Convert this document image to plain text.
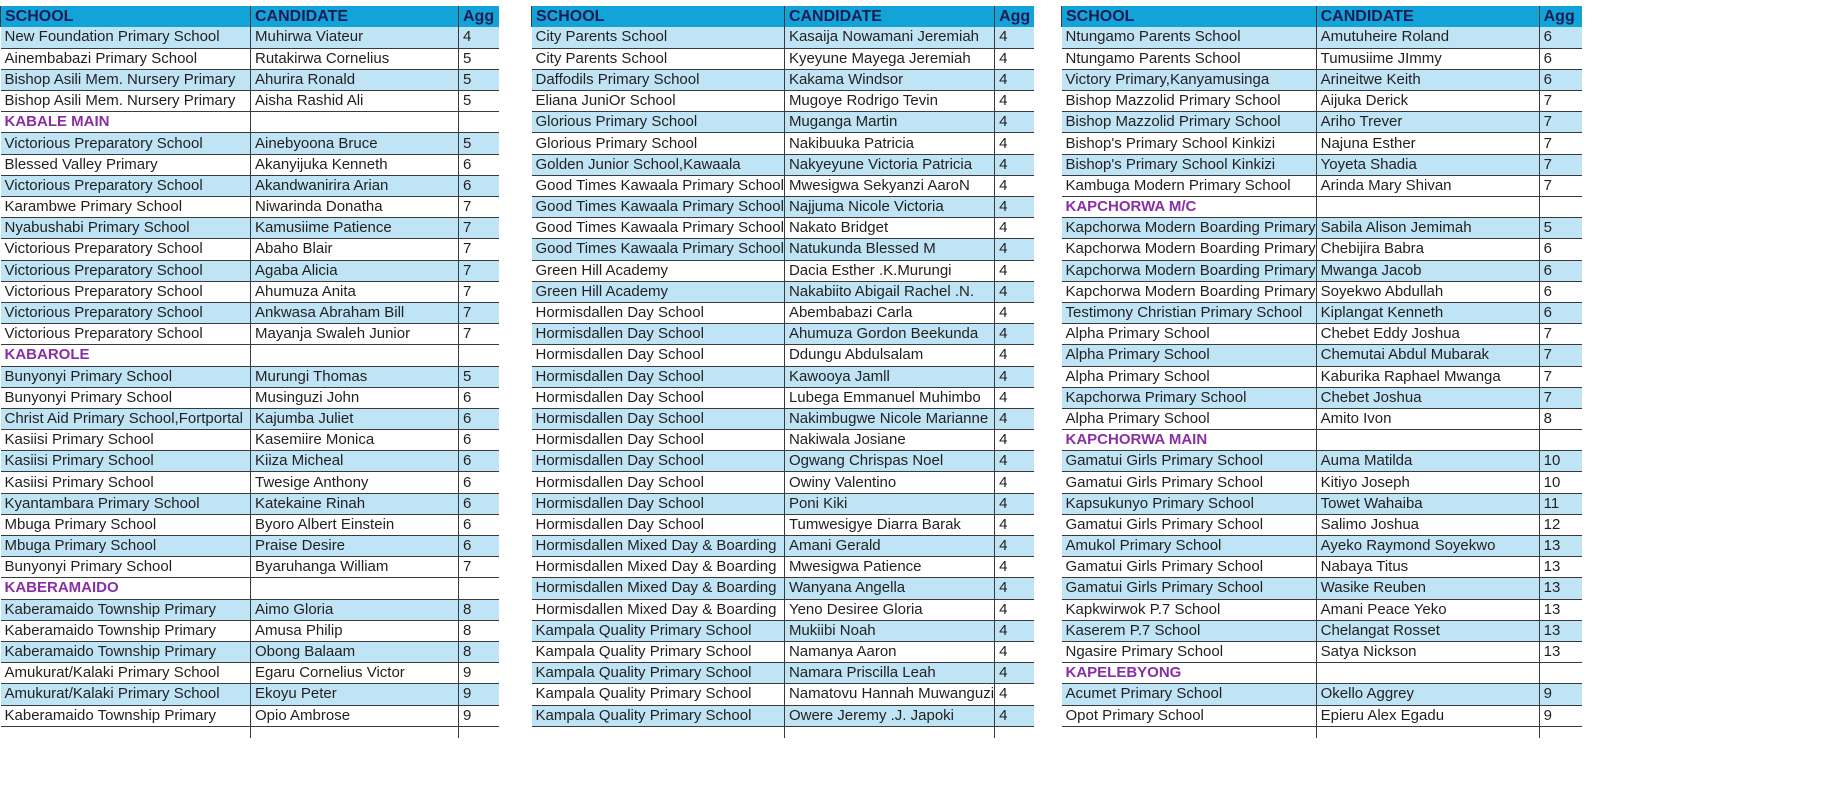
SCHOOL	CANDIDATE	Agg
New Foundation Primary School	Muhirwa Viateur	4
Ainembabazi Primary School	Rutakirwa Cornelius	5
Bishop Asili Mem. Nursery Primary	Ahurira Ronald	5
Bishop Asili Mem. Nursery Primary	Aisha Rashid Ali	5
KABALE MAIN		
Victorious Preparatory School	Ainebyoona Bruce	5
Blessed Valley Primary	Akanyijuka Kenneth	6
Victorious Preparatory School	Akandwanirira Arian	6
Karambwe Primary School	Niwarinda Donatha	7
Nyabushabi Primary School	Kamusiime Patience	7
Victorious Preparatory School	Abaho Blair	7
Victorious Preparatory School	Agaba Alicia	7
Victorious Preparatory School	Ahumuza Anita	7
Victorious Preparatory School	Ankwasa Abraham Bill	7
Victorious Preparatory School	Mayanja Swaleh Junior	7
KABAROLE		
Bunyonyi Primary School	Murungi Thomas	5
Bunyonyi Primary School	Musinguzi John	6
Christ Aid Primary School,Fortportal	Kajumba Juliet	6
Kasiisi Primary School	Kasemiire Monica	6
Kasiisi Primary School	Kiiza Micheal	6
Kasiisi Primary School	Twesige Anthony	6
Kyantambara Primary School	Katekaine Rinah	6
Mbuga Primary School	Byoro Albert Einstein	6
Mbuga Primary School	Praise Desire	6
Bunyonyi Primary School	Byaruhanga William	7
KABERAMAIDO		
Kaberamaido Township Primary	Aimo Gloria	8
Kaberamaido Township Primary	Amusa Philip	8
Kaberamaido Township Primary	Obong Balaam	8
Amukurat/Kalaki Primary School	Egaru Cornelius Victor	9
Amukurat/Kalaki Primary School	Ekoyu Peter	9
Kaberamaido Township Primary	Opio Ambrose	9

SCHOOL	CANDIDATE	Agg
City Parents School	Kasaija Nowamani Jeremiah	4
City Parents School	Kyeyune Mayega Jeremiah	4
Daffodils Primary School	Kakama Windsor	4
Eliana JuniOr School	Mugoye Rodrigo Tevin	4
Glorious Primary School	Muganga Martin	4
Glorious Primary School	Nakibuuka Patricia	4
Golden Junior School,Kawaala	Nakyeyune Victoria Patricia	4
Good Times Kawaala Primary School	Mwesigwa Sekyanzi AaroN	4
Good Times Kawaala Primary School	Najjuma Nicole Victoria	4
Good Times Kawaala Primary School	Nakato Bridget	4
Good Times Kawaala Primary School	Natukunda Blessed M	4
Green Hill Academy	Dacia Esther .K.Murungi	4
Green Hill Academy	Nakabiito Abigail Rachel .N.	4
Hormisdallen Day School	Abembabazi Carla	4
Hormisdallen Day School	Ahumuza Gordon Beekunda	4
Hormisdallen Day School	Ddungu Abdulsalam	4
Hormisdallen Day School	Kawooya Jamll	4
Hormisdallen Day School	Lubega Emmanuel Muhimbo	4
Hormisdallen Day School	Nakimbugwe Nicole Marianne	4
Hormisdallen Day School	Nakiwala Josiane	4
Hormisdallen Day School	Ogwang Chrispas Noel	4
Hormisdallen Day School	Owiny Valentino	4
Hormisdallen Day School	Poni Kiki	4
Hormisdallen Day School	Tumwesigye Diarra Barak	4
Hormisdallen Mixed Day & Boarding	Amani Gerald	4
Hormisdallen Mixed Day & Boarding	Mwesigwa Patience	4
Hormisdallen Mixed Day & Boarding	Wanyana Angella	4
Hormisdallen Mixed Day & Boarding	Yeno Desiree Gloria	4
Kampala Quality Primary School	Mukiibi Noah	4
Kampala Quality Primary School	Namanya Aaron	4
Kampala Quality Primary School	Namara Priscilla Leah	4
Kampala Quality Primary School	Namatovu Hannah Muwanguzi	4
Kampala Quality Primary School	Owere Jeremy .J. Japoki	4

SCHOOL	CANDIDATE	Agg
Ntungamo Parents School	Amutuheire Roland	6
Ntungamo Parents School	Tumusiime JImmy	6
Victory Primary,Kanyamusinga	Arineitwe Keith	6
Bishop Mazzolid Primary School	Aijuka Derick	7
Bishop Mazzolid Primary School	Ariho Trever	7
Bishop's Primary School Kinkizi	Najuna Esther	7
Bishop's Primary School Kinkizi	Yoyeta Shadia	7
Kambuga Modern Primary School	Arinda Mary Shivan	7
KAPCHORWA M/C		
Kapchorwa Modern Boarding Primary	Sabila Alison Jemimah	5
Kapchorwa Modern Boarding Primary	Chebijira Babra	6
Kapchorwa Modern Boarding Primary	Mwanga Jacob	6
Kapchorwa Modern Boarding Primary	Soyekwo Abdullah	6
Testimony Christian Primary School	Kiplangat Kenneth	6
Alpha Primary School	Chebet Eddy Joshua	7
Alpha Primary School	Chemutai Abdul Mubarak	7
Alpha Primary School	Kaburika Raphael Mwanga	7
Kapchorwa Primary School	Chebet Joshua	7
Alpha Primary School	Amito Ivon	8
KAPCHORWA MAIN		
Gamatui Girls Primary School	Auma Matilda	10
Gamatui Girls Primary School	Kitiyo Joseph	10
Kapsukunyo Primary School	Towet Wahaiba	11
Gamatui Girls Primary School	Salimo Joshua	12
Amukol Primary School	Ayeko Raymond Soyekwo	13
Gamatui Girls Primary School	Nabaya Titus	13
Gamatui Girls Primary School	Wasike Reuben	13
Kapkwirwok P.7 School	Amani Peace Yeko	13
Kaserem P.7 School	Chelangat Rosset	13
Ngasire Primary School	Satya Nickson	13
KAPELEBYONG		
Acumet Primary School	Okello Aggrey	9
Opot Primary School	Epieru Alex Egadu	9
